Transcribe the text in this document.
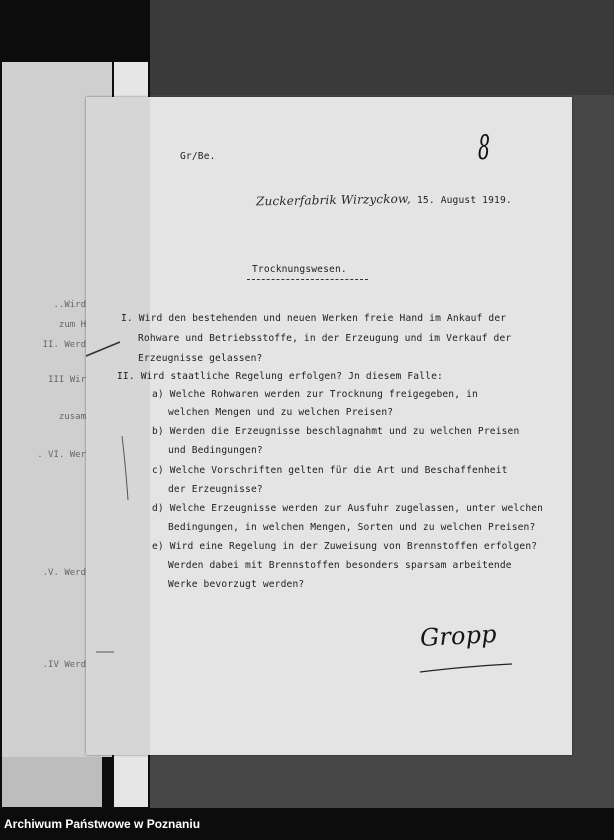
..Wird
zum H
II. Werd
III Wir
zusam
. VI. Wer
.V. Werd
.IV Werd
Gr/Be.	8
Zuckerfabrik Wirzyckow, 15. August 1919.
Trocknungswesen.
I. Wird den bestehenden und neuen Werken freie Hand im Ankauf der
Rohware und Betriebsstoffe, in der Erzeugung und im Verkauf der
Erzeugnisse gelassen?
II. Wird staatliche Regelung erfolgen? Jn diesem Falle:
a) Welche Rohwaren werden zur Trocknung freigegeben, in
welchen Mengen und zu welchen Preisen?
b) Werden die Erzeugnisse beschlagnahmt und zu welchen Preisen
und Bedingungen?
c) Welche Vorschriften gelten für die Art und Beschaffenheit
der Erzeugnisse?
d) Welche Erzeugnisse werden zur Ausfuhr zugelassen, unter welchen
Bedingungen, in welchen Mengen, Sorten und zu welchen Preisen?
e) Wird eine Regelung in der Zuweisung von Brennstoffen erfolgen?
Werden dabei mit Brennstoffen besonders sparsam arbeitende
Werke bevorzugt werden?
Gropp
Archiwum Państwowe w Poznaniu
